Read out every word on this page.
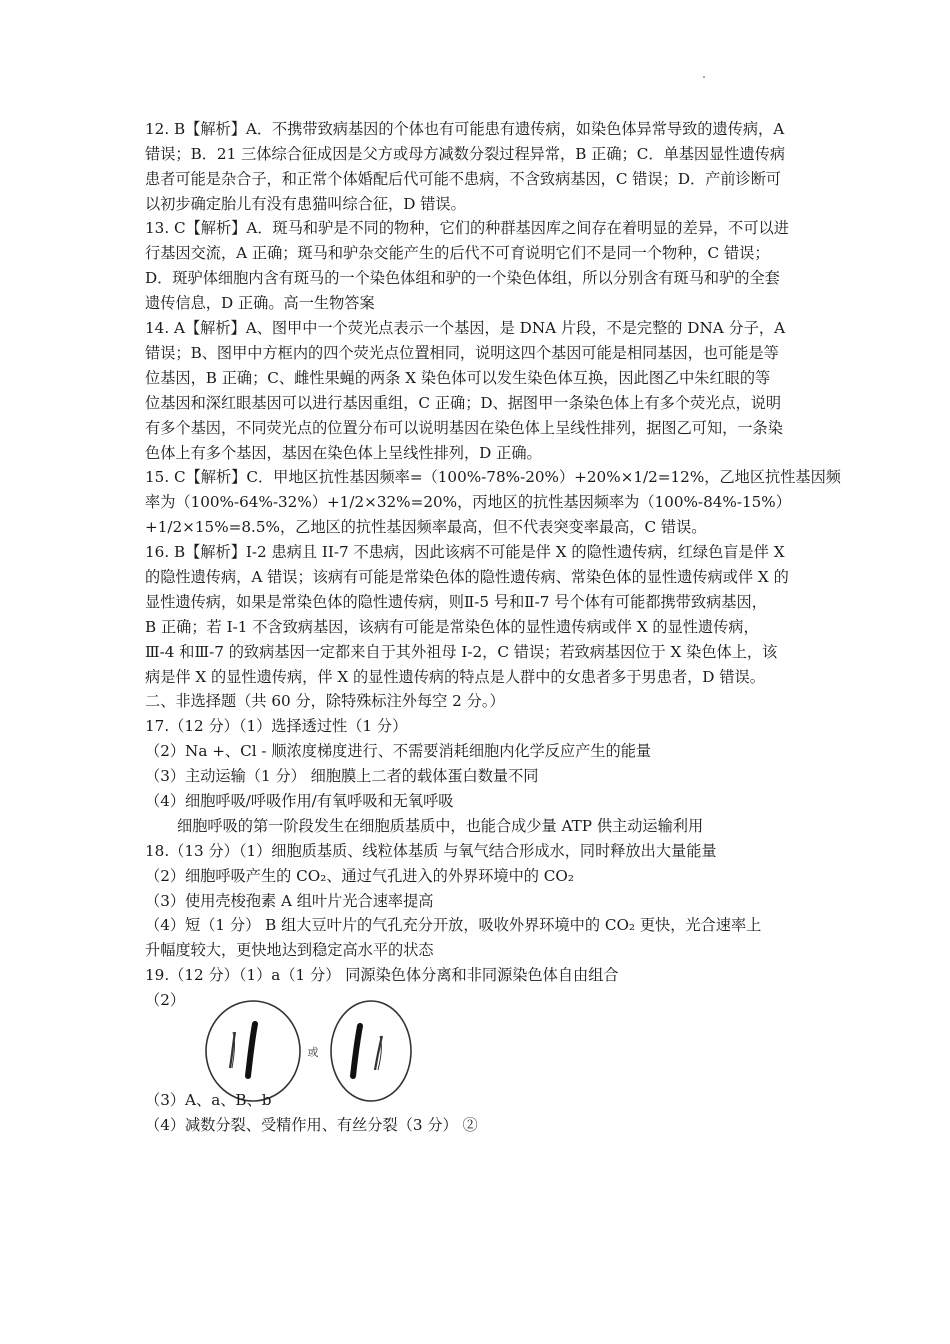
12. B【解析】A．不携带致病基因的个体也有可能患有遗传病，如染色体异常导致的遗传病，A
错误；B．21 三体综合征成因是父方或母方减数分裂过程异常，B 正确；C．单基因显性遗传病
患者可能是杂合子，和正常个体婚配后代可能不患病，不含致病基因，C 错误；D．产前诊断可
以初步确定胎儿有没有患猫叫综合征，D 错误。
13. C【解析】A．斑马和驴是不同的物种，它们的种群基因库之间存在着明显的差异，不可以进
行基因交流，A 正确；斑马和驴杂交能产生的后代不可育说明它们不是同一个物种，C 错误；
D．斑驴体细胞内含有斑马的一个染色体组和驴的一个染色体组，所以分别含有斑马和驴的全套
遗传信息，D 正确。高一生物答案
14. A【解析】A、图甲中一个荧光点表示一个基因，是 DNA 片段，不是完整的 DNA 分子，A
错误；B、图甲中方框内的四个荧光点位置相同，说明这四个基因可能是相同基因，也可能是等
位基因，B 正确；C、雌性果蝇的两条 X 染色体可以发生染色体互换，因此图乙中朱红眼的等
位基因和深红眼基因可以进行基因重组，C 正确；D、据图甲一条染色体上有多个荧光点，说明
有多个基因，不同荧光点的位置分布可以说明基因在染色体上呈线性排列，据图乙可知，一条染
色体上有多个基因，基因在染色体上呈线性排列，D 正确。
15. C【解析】C．甲地区抗性基因频率=（100%-78%-20%）+20%×1/2=12%，乙地区抗性基因频
率为（100%-64%-32%）+1/2×32%=20%，丙地区的抗性基因频率为（100%-84%-15%）
+1/2×15%=8.5%，乙地区的抗性基因频率最高，但不代表突变率最高，C 错误。
16. B【解析】I-2 患病且 II-7 不患病，因此该病不可能是伴 X 的隐性遗传病，红绿色盲是伴 X
的隐性遗传病，A 错误；该病有可能是常染色体的隐性遗传病、常染色体的显性遗传病或伴 X 的
显性遗传病，如果是常染色体的隐性遗传病，则Ⅱ-5 号和Ⅱ-7 号个体有可能都携带致病基因，
B 正确；若 I-1 不含致病基因，该病有可能是常染色体的显性遗传病或伴 X 的显性遗传病，
Ⅲ-4 和Ⅲ-7 的致病基因一定都来自于其外祖母 I-2，C 错误；若致病基因位于 X 染色体上，该
病是伴 X 的显性遗传病，伴 X 的显性遗传病的特点是人群中的女患者多于男患者，D 错误。
二、非选择题（共 60 分，除特殊标注外每空 2 分。）
17.（12 分）（1）选择透过性（1 分）
（2）Na +、Cl - 顺浓度梯度进行、不需要消耗细胞内化学反应产生的能量
（3）主动运输（1 分） 细胞膜上二者的载体蛋白数量不同
（4）细胞呼吸/呼吸作用/有氧呼吸和无氧呼吸
细胞呼吸的第一阶段发生在细胞质基质中，也能合成少量 ATP 供主动运输利用
18.（13 分）（1）细胞质基质、线粒体基质 与氧气结合形成水，同时释放出大量能量
（2）细胞呼吸产生的 CO₂、通过气孔进入的外界环境中的 CO₂
（3）使用壳梭孢素 A 组叶片光合速率提高
（4）短（1 分） B 组大豆叶片的气孔充分开放，吸收外界环境中的 CO₂ 更快，光合速率上
升幅度较大，更快地达到稳定高水平的状态
19.（12 分）（1）a（1 分） 同源染色体分离和非同源染色体自由组合
（2）
或
（3）A、a、B、b
（4）减数分裂、受精作用、有丝分裂（3 分） ②
